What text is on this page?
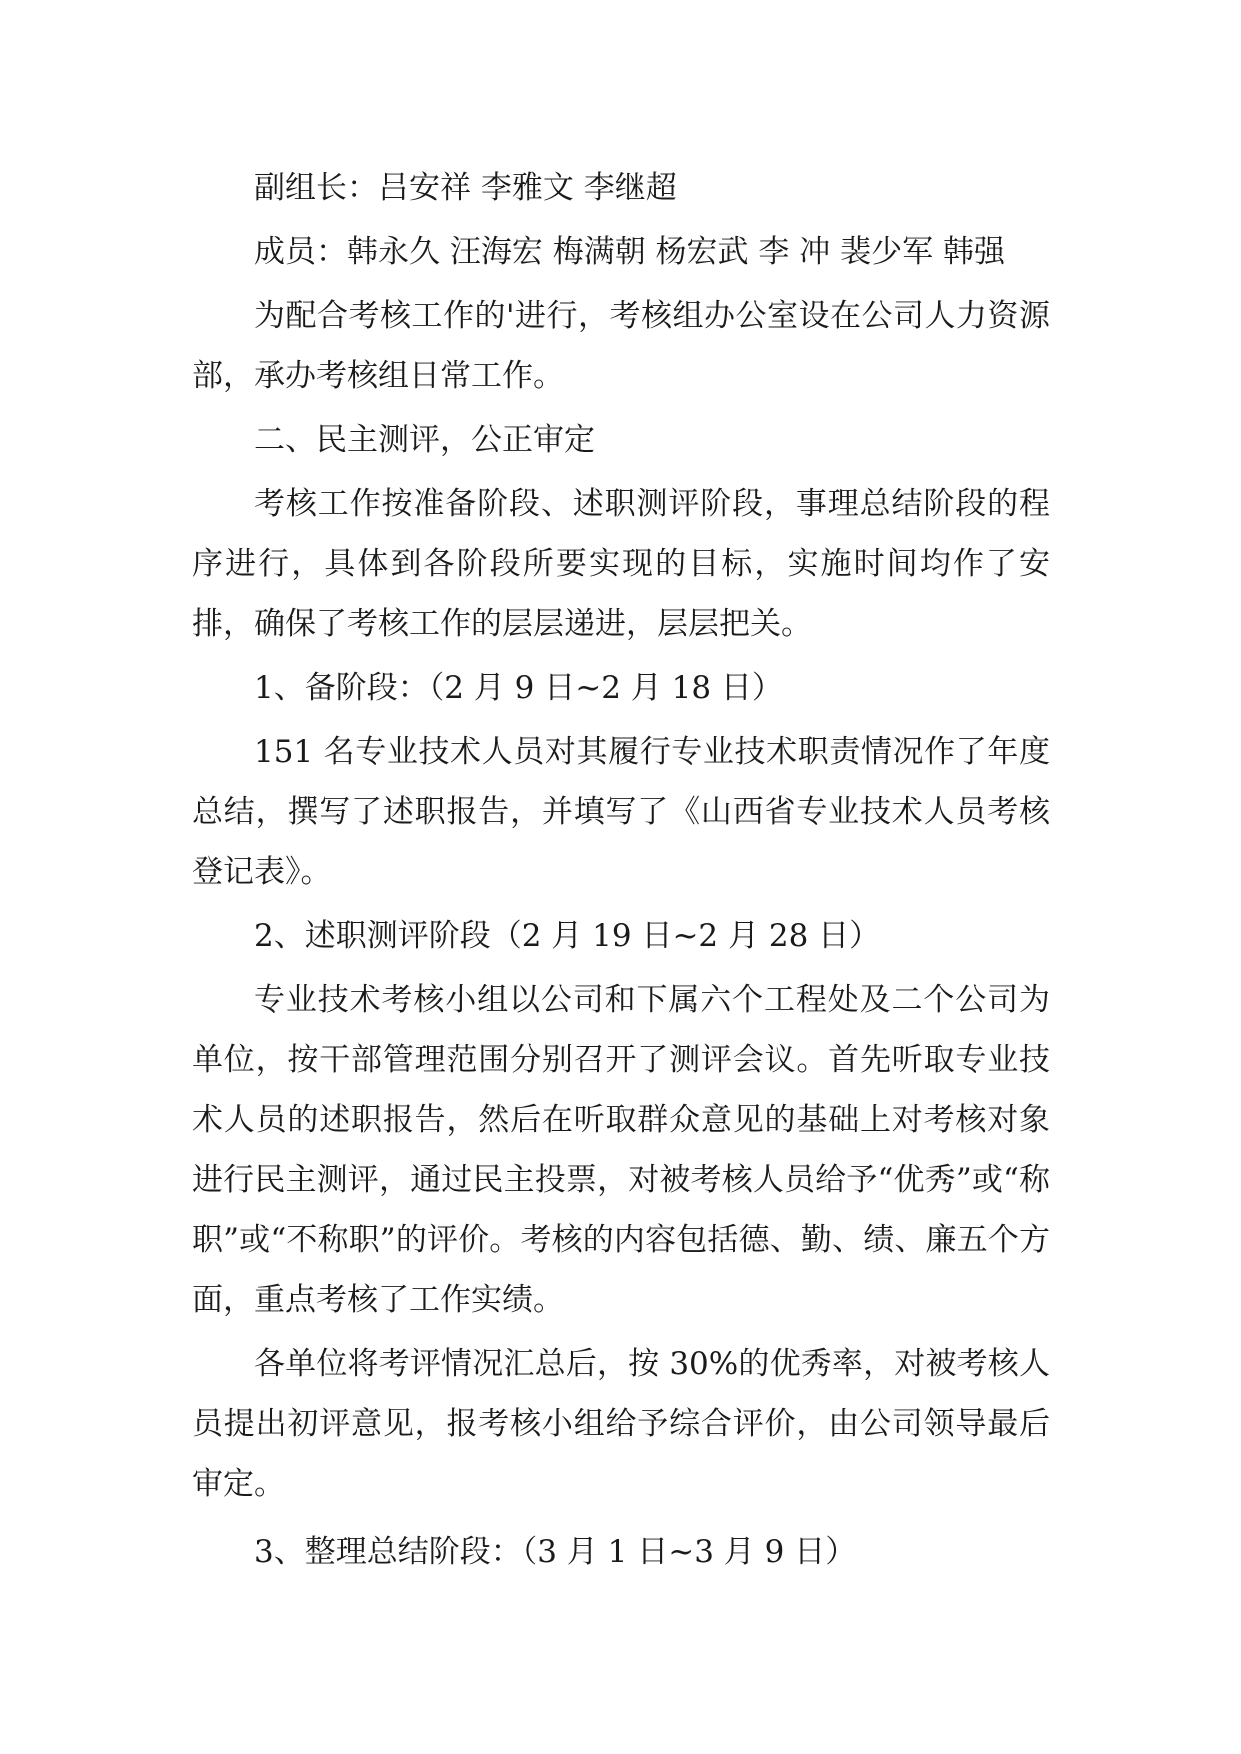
副组长：吕安祥 李雅文 李继超

成员：韩永久 汪海宏 梅满朝 杨宏武 李 冲 裴少军 韩强

为配合考核工作的'进行，考核组办公室设在公司人力资源部，承办考核组日常工作。

二、民主测评，公正审定

考核工作按准备阶段、述职测评阶段，事理总结阶段的程序进行，具体到各阶段所要实现的目标，实施时间均作了安排，确保了考核工作的层层递进，层层把关。

1、备阶段：（2 月 9 日~2 月 18 日）

151 名专业技术人员对其履行专业技术职责情况作了年度总结，撰写了述职报告，并填写了《山西省专业技术人员考核登记表》。

2、述职测评阶段（2 月 19 日~2 月 28 日）

专业技术考核小组以公司和下属六个工程处及二个公司为单位，按干部管理范围分别召开了测评会议。首先听取专业技术人员的述职报告，然后在听取群众意见的基础上对考核对象进行民主测评，通过民主投票，对被考核人员给予“优秀”或“称职”或“不称职”的评价。考核的内容包括德、勤、绩、廉五个方面，重点考核了工作实绩。

各单位将考评情况汇总后，按 30%的优秀率，对被考核人员提出初评意见，报考核小组给予综合评价，由公司领导最后审定。

3、整理总结阶段：（3 月 1 日~3 月 9 日）
